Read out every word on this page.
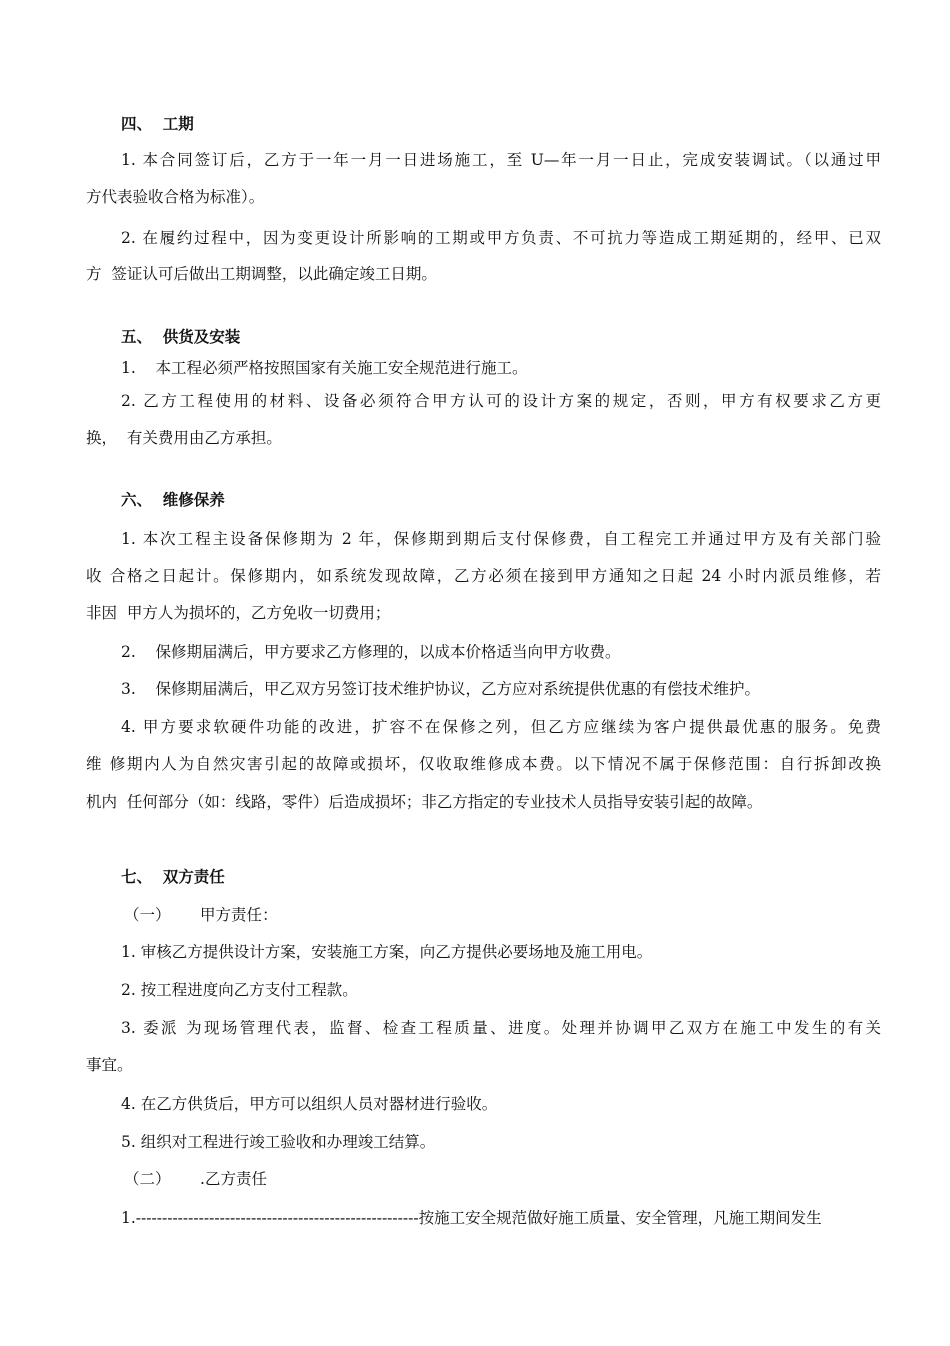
四、  工期
1. 本合同签订后，乙方于一年一月一日进场施工，至 U—年一月一日止，完成安装调试。（以通过甲
方代表验收合格为标准）。
2. 在履约过程中，因为变更设计所影响的工期或甲方负责、不可抗力等造成工期延期的，经甲、已双
方  签证认可后做出工期调整，以此确定竣工日期。
五、  供货及安装
1.    本工程必须严格按照国家有关施工安全规范进行施工。
2. 乙方工程使用的材料、设备必须符合甲方认可的设计方案的规定，否则，甲方有权要求乙方更
换，  有关费用由乙方承担。
六、  维修保养
1. 本次工程主设备保修期为 2 年，保修期到期后支付保修费，自工程完工并通过甲方及有关部门验
收 合格之日起计。保修期内，如系统发现故障，乙方必须在接到甲方通知之日起 24 小时内派员维修，若
非因  甲方人为损坏的，乙方免收一切费用；
2.    保修期届满后，甲方要求乙方修理的，以成本价格适当向甲方收费。
3.    保修期届满后，甲乙双方另签订技术维护协议，乙方应对系统提供优惠的有偿技术维护。
4. 甲方要求软硬件功能的改进，扩容不在保修之列，但乙方应继续为客户提供最优惠的服务。免费
维 修期内人为自然灾害引起的故障或损坏，仅收取维修成本费。以下情况不属于保修范围：自行拆卸改换
机内  任何部分（如：线路，零件）后造成损坏；非乙方指定的专业技术人员指导安装引起的故障。
七、  双方责任
（一）      甲方责任：
1. 审核乙方提供设计方案，安装施工方案，向乙方提供必要场地及施工用电。
2. 按工程进度向乙方支付工程款。
3. 委派 为现场管理代表，监督、检查工程质量、进度。处理并协调甲乙双方在施工中发生的有关
事宜。
4. 在乙方供货后，甲方可以组织人员对器材进行验收。
5. 组织对工程进行竣工验收和办理竣工结算。
（二）      .乙方责任
1.------------------------------------------------------按施工安全规范做好施工质量、安全管理，凡施工期间发生
